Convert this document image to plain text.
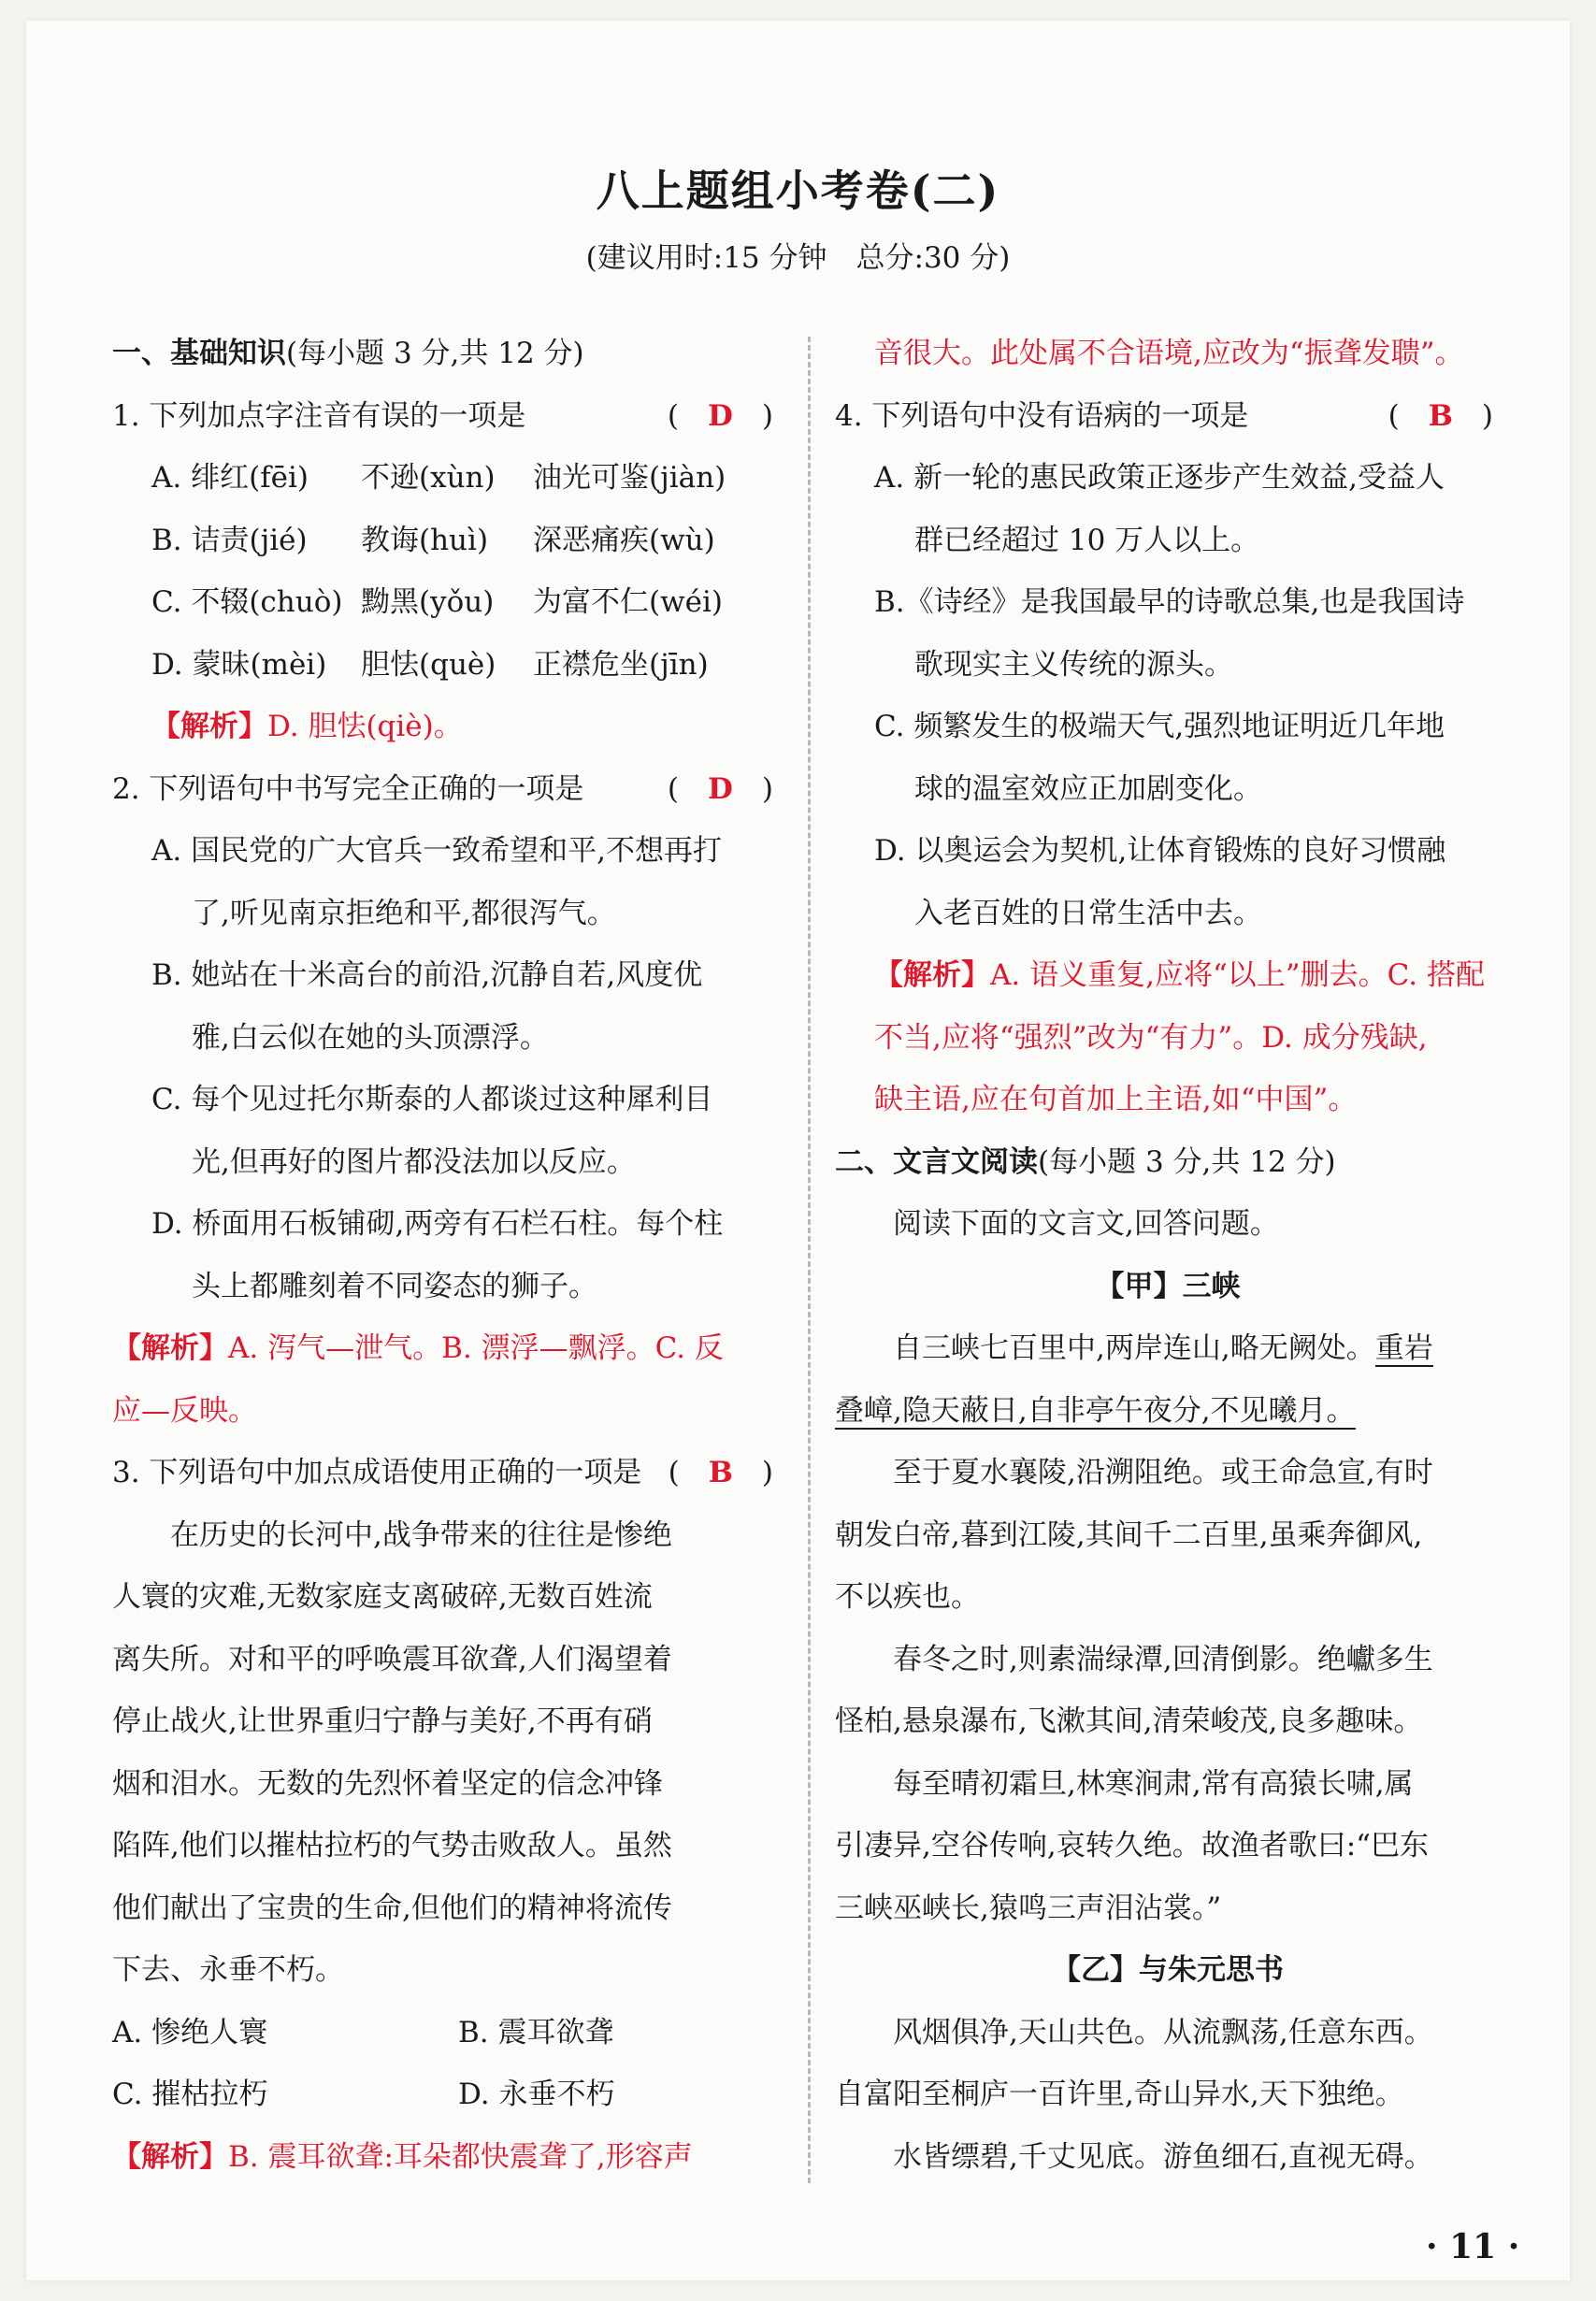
八上题组小考卷(二)
(建议用时:15 分钟　总分:30 分)
一、基础知识(每小题 3 分,共 12 分)
1. 下列加点字注音有误的一项是	(　D　)
A. 绯红(fēi) 不逊(xùn) 油光可鉴(jiàn)
B. 诘责(jié) 教诲(huì) 深恶痛疾(wù)
C. 不辍(chuò) 黝黑(yǒu) 为富不仁(wéi)
D. 蒙昧(mèi) 胆怯(què) 正襟危坐(jīn)
【解析】D. 胆怯(qiè)。
2. 下列语句中书写完全正确的一项是	(　D　)
A. 国民党的广大官兵一致希望和平,不想再打
了,听见南京拒绝和平,都很泻气。
B. 她站在十米高台的前沿,沉静自若,风度优
雅,白云似在她的头顶漂浮。
C. 每个见过托尔斯泰的人都谈过这种犀利目
光,但再好的图片都没法加以反应。
D. 桥面用石板铺砌,两旁有石栏石柱。每个柱
头上都雕刻着不同姿态的狮子。
【解析】A. 泻气—泄气。B. 漂浮—飘浮。C. 反
应—反映。
3. 下列语句中加点成语使用正确的一项是 (　B　)
在历史的长河中,战争带来的往往是惨绝
人寰的灾难,无数家庭支离破碎,无数百姓流
离失所。对和平的呼唤震耳欲聋,人们渴望着
停止战火,让世界重归宁静与美好,不再有硝
烟和泪水。无数的先烈怀着坚定的信念冲锋
陷阵,他们以摧枯拉朽的气势击败敌人。虽然
他们献出了宝贵的生命,但他们的精神将流传
下去、永垂不朽。
A. 惨绝人寰	B. 震耳欲聋
C. 摧枯拉朽	D. 永垂不朽
【解析】B. 震耳欲聋:耳朵都快震聋了,形容声
音很大。此处属不合语境,应改为“振聋发聩”。
4. 下列语句中没有语病的一项是	(　B　)
A. 新一轮的惠民政策正逐步产生效益,受益人
群已经超过 10 万人以上。
B.《诗经》是我国最早的诗歌总集,也是我国诗
歌现实主义传统的源头。
C. 频繁发生的极端天气,强烈地证明近几年地
球的温室效应正加剧变化。
D. 以奥运会为契机,让体育锻炼的良好习惯融
入老百姓的日常生活中去。
【解析】A. 语义重复,应将“以上”删去。C. 搭配
不当,应将“强烈”改为“有力”。D. 成分残缺,
缺主语,应在句首加上主语,如“中国”。
二、文言文阅读(每小题 3 分,共 12 分)
阅读下面的文言文,回答问题。
【甲】三峡
自三峡七百里中,两岸连山,略无阙处。重岩
叠嶂,隐天蔽日,自非亭午夜分,不见曦月。
至于夏水襄陵,沿溯阻绝。或王命急宣,有时
朝发白帝,暮到江陵,其间千二百里,虽乘奔御风,
不以疾也。
春冬之时,则素湍绿潭,回清倒影。绝巘多生
怪柏,悬泉瀑布,飞漱其间,清荣峻茂,良多趣味。
每至晴初霜旦,林寒涧肃,常有高猿长啸,属
引凄异,空谷传响,哀转久绝。故渔者歌曰:“巴东
三峡巫峡长,猿鸣三声泪沾裳。”
【乙】与朱元思书
风烟俱净,天山共色。从流飘荡,任意东西。
自富阳至桐庐一百许里,奇山异水,天下独绝。
水皆缥碧,千丈见底。游鱼细石,直视无碍。
· 11 ·
